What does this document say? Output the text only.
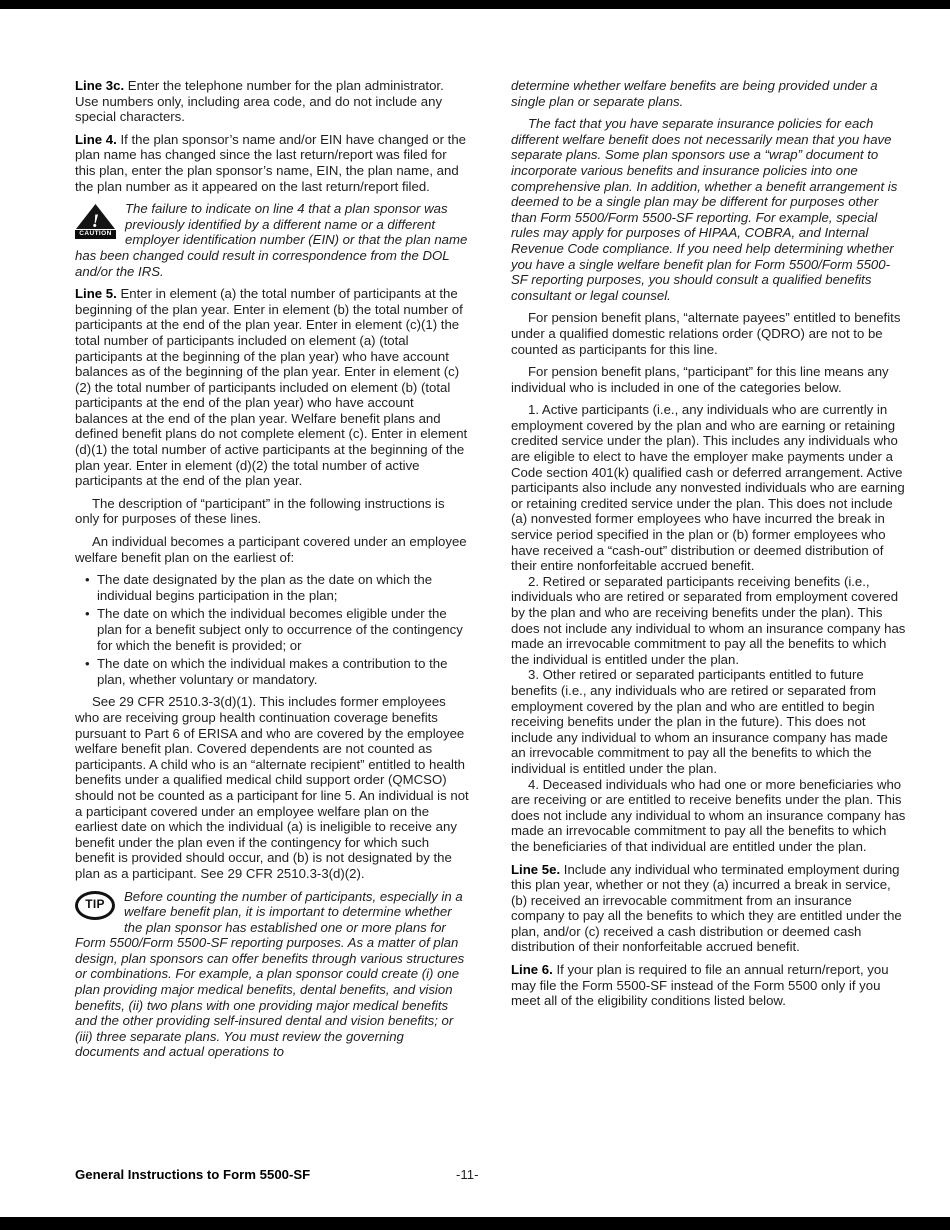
Line 3c. Enter the telephone number for the plan administrator. Use numbers only, including area code, and do not include any special characters.

Line 4. If the plan sponsor’s name and/or EIN have changed or the plan name has changed since the last return/report was filed for this plan, enter the plan sponsor’s name, EIN, the plan name, and the plan number as it appeared on the last return/report filed.

!
CAUTION
The failure to indicate on line 4 that a plan sponsor was previously identified by a different name or a different employer identification number (EIN) or that the plan name has been changed could result in correspondence from the DOL and/or the IRS.

Line 5. Enter in element (a) the total number of participants at the beginning of the plan year. Enter in element (b) the total number of participants at the end of the plan year. Enter in element (c)(1) the total number of participants included on element (a) (total participants at the beginning of the plan year) who have account balances as of the beginning of the plan year. Enter in element (c)(2) the total number of participants included on element (b) (total participants at the end of the plan year) who have account balances at the end of the plan year. Welfare benefit plans and defined benefit plans do not complete element (c). Enter in element (d)(1) the total number of active participants at the beginning of the plan year. Enter in element (d)(2) the total number of active participants at the end of the plan year.

The description of “participant” in the following instructions is only for purposes of these lines.

An individual becomes a participant covered under an employee welfare benefit plan on the earliest of:

• The date designated by the plan as the date on which the individual begins participation in the plan;
• The date on which the individual becomes eligible under the plan for a benefit subject only to occurrence of the contingency for which the benefit is provided; or
• The date on which the individual makes a contribution to the plan, whether voluntary or mandatory.

See 29 CFR 2510.3-3(d)(1). This includes former employees who are receiving group health continuation coverage benefits pursuant to Part 6 of ERISA and who are covered by the employee welfare benefit plan. Covered dependents are not counted as participants. A child who is an “alternate recipient” entitled to health benefits under a qualified medical child support order (QMCSO) should not be counted as a participant for line 5. An individual is not a participant covered under an employee welfare plan on the earliest date on which the individual (a) is ineligible to receive any benefit under the plan even if the contingency for which such benefit is provided should occur, and (b) is not designated by the plan as a participant. See 29 CFR 2510.3-3(d)(2).

TIP
Before counting the number of participants, especially in a welfare benefit plan, it is important to determine whether the plan sponsor has established one or more plans for Form 5500/Form 5500-SF reporting purposes. As a matter of plan design, plan sponsors can offer benefits through various structures or combinations. For example, a plan sponsor could create (i) one plan providing major medical benefits, dental benefits, and vision benefits, (ii) two plans with one providing major medical benefits and the other providing self-insured dental and vision benefits; or (iii) three separate plans. You must review the governing documents and actual operations to

determine whether welfare benefits are being provided under a single plan or separate plans.

The fact that you have separate insurance policies for each different welfare benefit does not necessarily mean that you have separate plans. Some plan sponsors use a “wrap” document to incorporate various benefits and insurance policies into one comprehensive plan. In addition, whether a benefit arrangement is deemed to be a single plan may be different for purposes other than Form 5500/Form 5500-SF reporting. For example, special rules may apply for purposes of HIPAA, COBRA, and Internal Revenue Code compliance. If you need help determining whether you have a single welfare benefit plan for Form 5500/Form 5500-SF reporting purposes, you should consult a qualified benefits consultant or legal counsel.

For pension benefit plans, “alternate payees” entitled to benefits under a qualified domestic relations order (QDRO) are not to be counted as participants for this line.

For pension benefit plans, “participant” for this line means any individual who is included in one of the categories below.

1. Active participants (i.e., any individuals who are currently in employment covered by the plan and who are earning or retaining credited service under the plan). This includes any individuals who are eligible to elect to have the employer make payments under a Code section 401(k) qualified cash or deferred arrangement. Active participants also include any nonvested individuals who are earning or retaining credited service under the plan. This does not include (a) nonvested former employees who have incurred the break in service period specified in the plan or (b) former employees who have received a “cash-out” distribution or deemed distribution of their entire nonforfeitable accrued benefit.

2. Retired or separated participants receiving benefits (i.e., individuals who are retired or separated from employment covered by the plan and who are receiving benefits under the plan). This does not include any individual to whom an insurance company has made an irrevocable commitment to pay all the benefits to which the individual is entitled under the plan.

3. Other retired or separated participants entitled to future benefits (i.e., any individuals who are retired or separated from employment covered by the plan and who are entitled to begin receiving benefits under the plan in the future). This does not include any individual to whom an insurance company has made an irrevocable commitment to pay all the benefits to which the individual is entitled under the plan.

4. Deceased individuals who had one or more beneficiaries who are receiving or are entitled to receive benefits under the plan. This does not include any individual to whom an insurance company has made an irrevocable commitment to pay all the benefits to which the beneficiaries of that individual are entitled under the plan.

Line 5e. Include any individual who terminated employment during this plan year, whether or not they (a) incurred a break in service, (b) received an irrevocable commitment from an insurance company to pay all the benefits to which they are entitled under the plan, and/or (c) received a cash distribution or deemed cash distribution of their nonforfeitable accrued benefit.

Line 6. If your plan is required to file an annual return/report, you may file the Form 5500-SF instead of the Form 5500 only if you meet all of the eligibility conditions listed below.

General Instructions to Form 5500-SF	-11-
